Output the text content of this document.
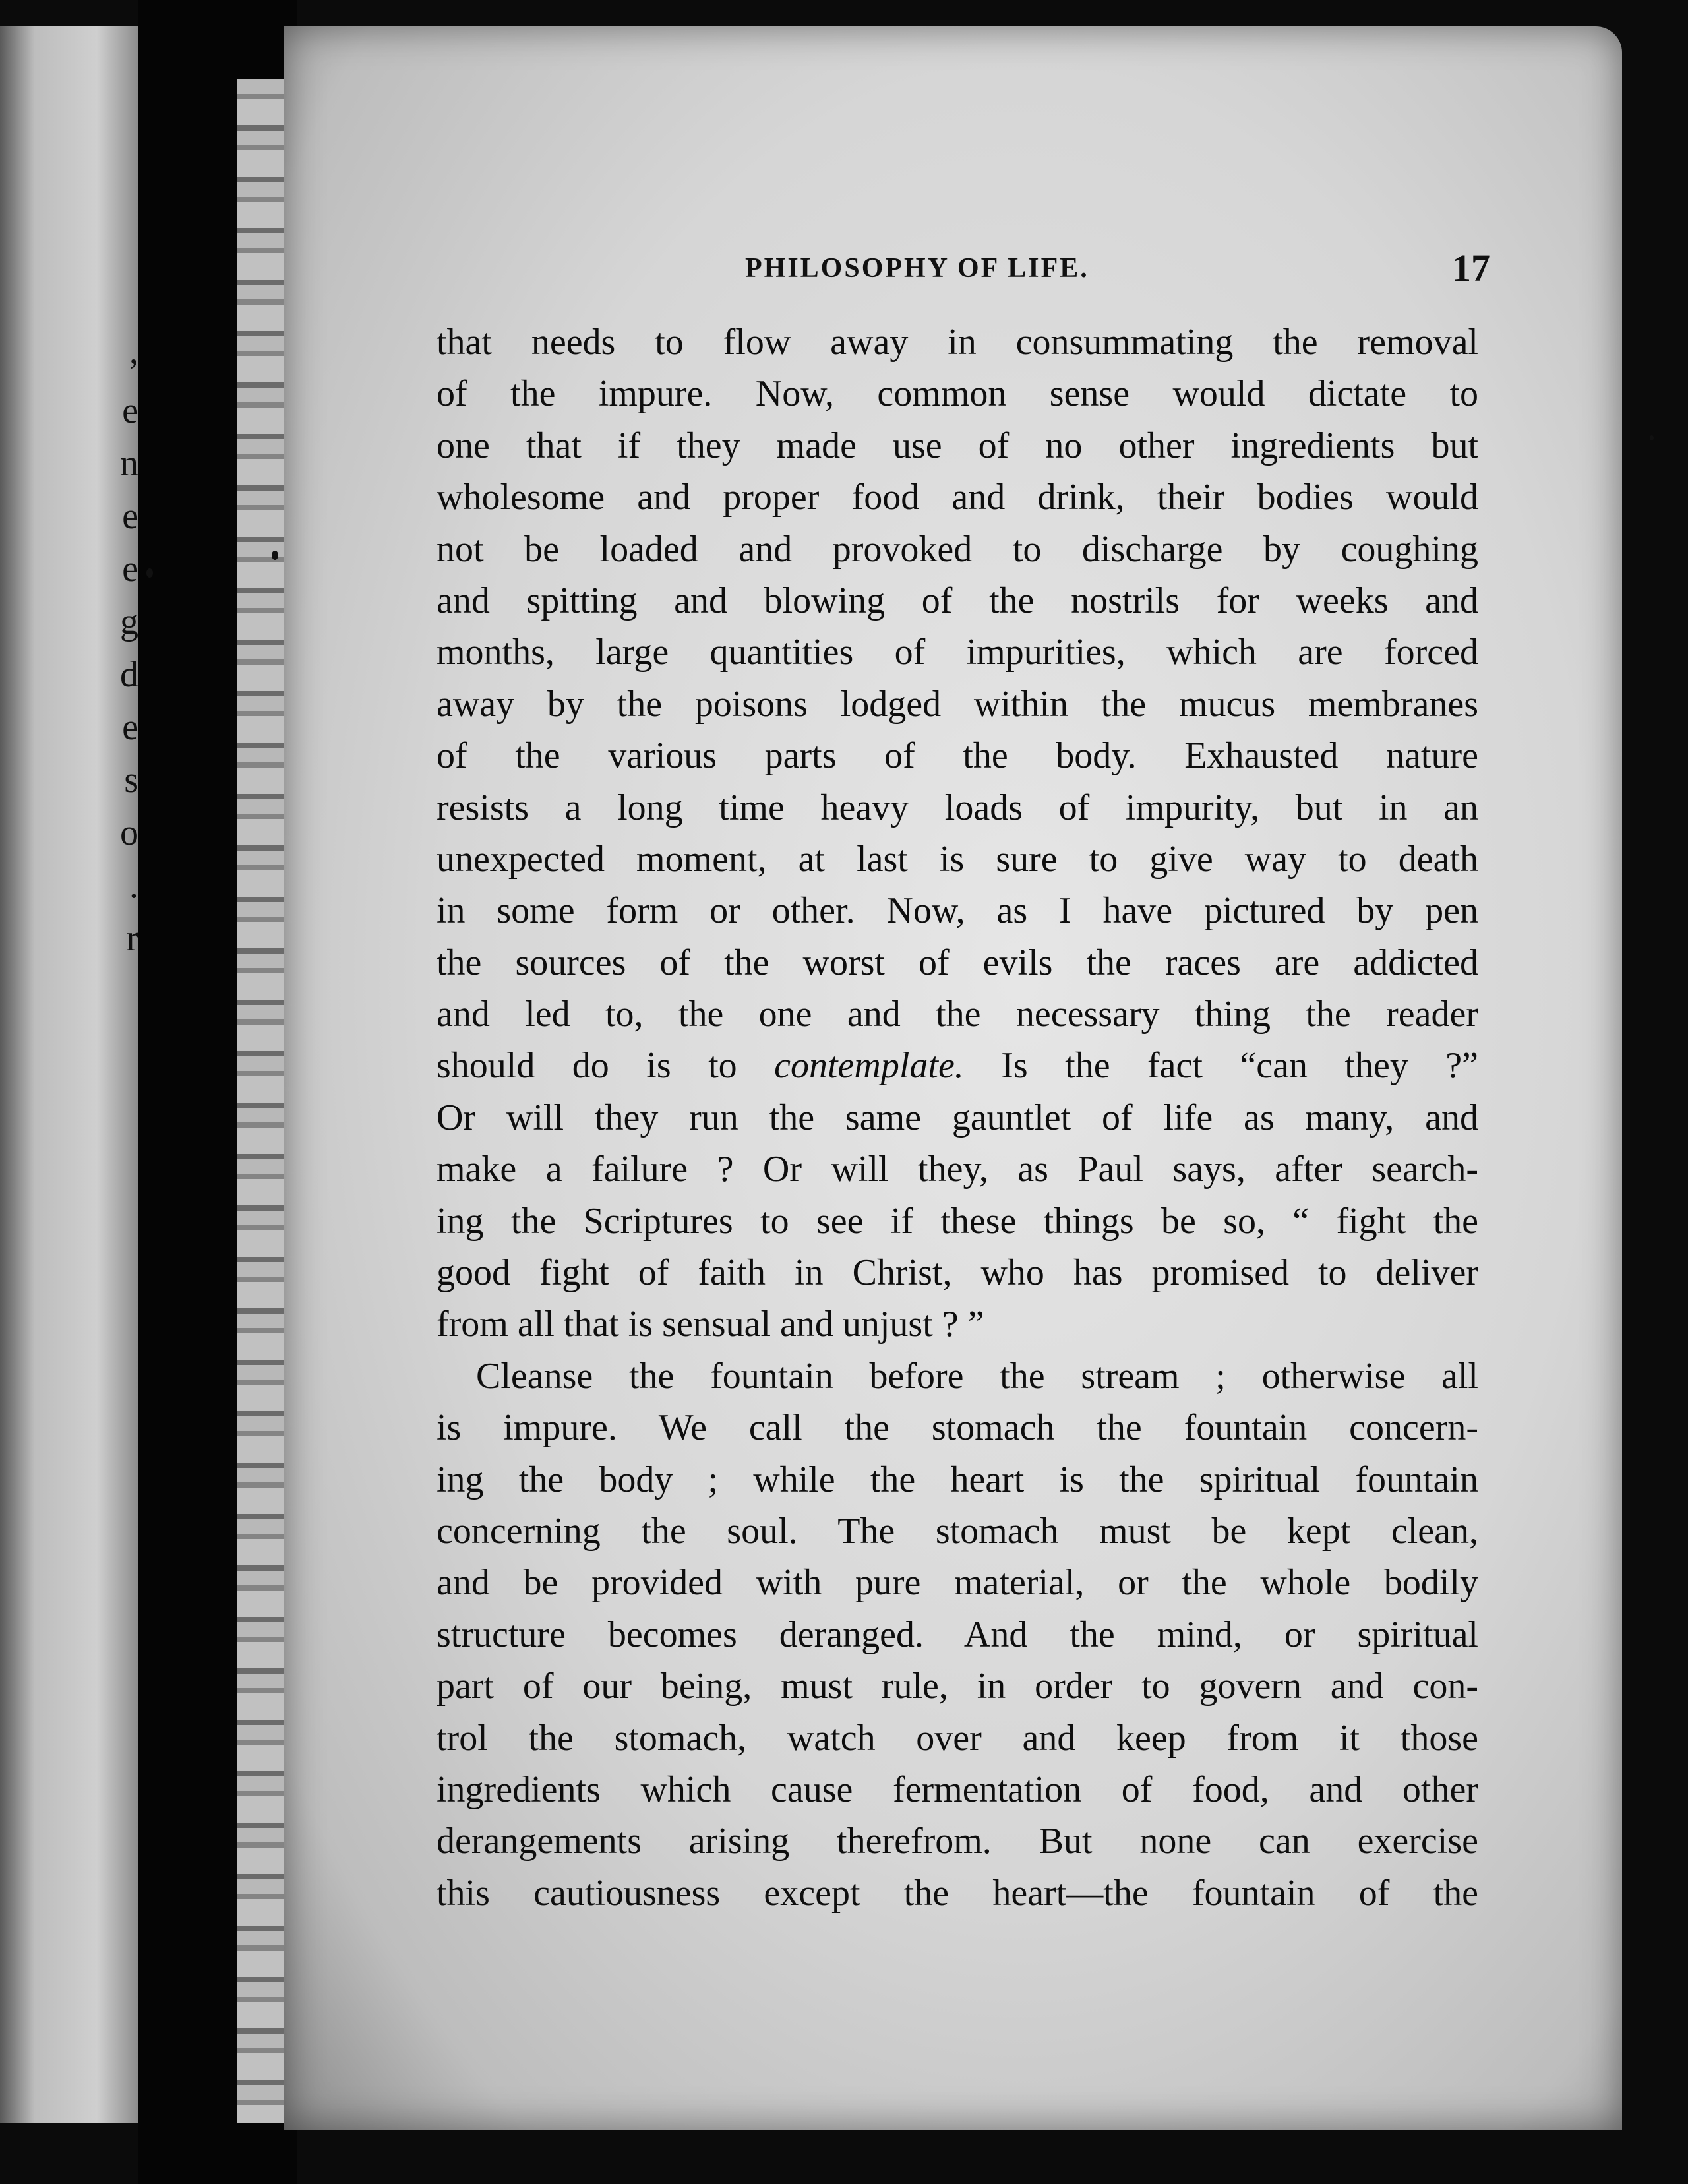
,
e
n
e
e
g
d
e
s
o
.
r
PHILOSOPHY OF LIFE.	17
that needs to flow away in consummating the removal
of the impure. Now, common sense would dictate to
one that if they made use of no other ingredients but
wholesome and proper food and drink, their bodies would
not be loaded and provoked to discharge by coughing
and spitting and blowing of the nostrils for weeks and
months, large quantities of impurities, which are forced
away by the poisons lodged within the mucus membranes
of the various parts of the body. Exhausted nature
resists a long time heavy loads of impurity, but in an
unexpected moment, at last is sure to give way to death
in some form or other. Now, as I have pictured by pen
the sources of the worst of evils the races are addicted
and led to, the one and the necessary thing the reader
should do is to contemplate. Is the fact “can they ?”
Or will they run the same gauntlet of life as many, and
make a failure ? Or will they, as Paul says, after search-
ing the Scriptures to see if these things be so, “ fight the
good fight of faith in Christ, who has promised to deliver
from all that is sensual and unjust ? ”
Cleanse the fountain before the stream ; otherwise all
is impure. We call the stomach the fountain concern-
ing the body ; while the heart is the spiritual fountain
concerning the soul. The stomach must be kept clean,
and be provided with pure material, or the whole bodily
structure becomes deranged. And the mind, or spiritual
part of our being, must rule, in order to govern and con-
trol the stomach, watch over and keep from it those
ingredients which cause fermentation of food, and other
derangements arising therefrom. But none can exercise
this cautiousness except the heart—the fountain of the
